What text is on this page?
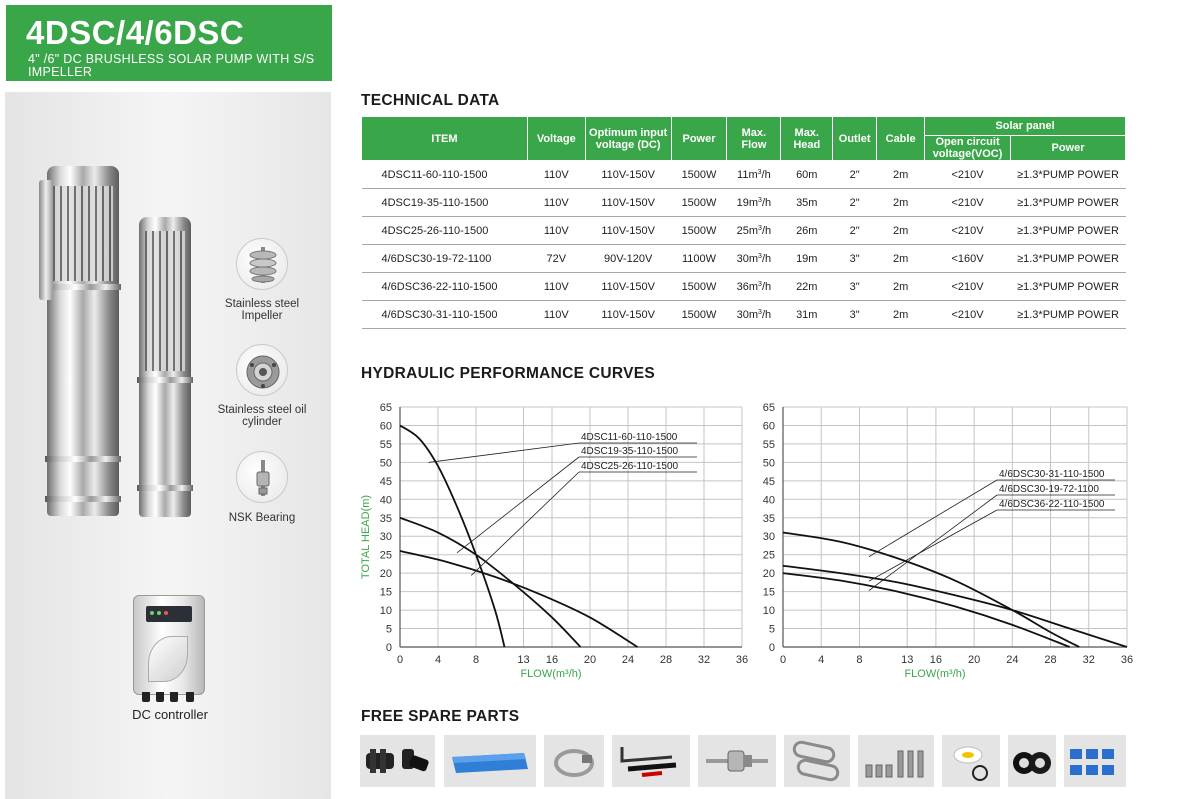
4DSC/4/6DSC
4" /6" DC BRUSHLESS SOLAR PUMP WITH S/S IMPELLER
Stainless steel Impeller
Stainless steel oil cylinder
NSK Bearing
DC controller
TECHNICAL DATA
ITEM	Voltage	Optimum input voltage (DC)	Power	Max. Flow	Max. Head	Outlet	Cable	Solar panel	
								Open circuit voltage(VOC)	Power
4DSC11-60-110-1500	110V	110V-150V	1500W	$11m^3/h$	60m	2"	2m	<210V	≥1.3*PUMP POWER
4DSC19-35-110-1500	110V	110V-150V	1500W	$19m^3/h$	35m	2"	2m	<210V	≥1.3*PUMP POWER
4DSC25-26-110-1500	110V	110V-150V	1500W	$25m^3/h$	26m	2"	2m	<210V	≥1.3*PUMP POWER
4/6DSC30-19-72-1100	72V	90V-120V	1100W	$30m^3/h$	19m	3"	2m	<160V	≥1.3*PUMP POWER
4/6DSC36-22-110-1500	110V	110V-150V	1500W	$36m^3/h$	22m	3"	2m	<210V	≥1.3*PUMP POWER
4/6DSC30-31-110-1500	110V	110V-150V	1500W	$30m^3/h$	31m	3"	2m	<210V	≥1.3*PUMP POWER
HYDRAULIC PERFORMANCE CURVES
0
5
10
15
20
25
30
35
40
45
50
55
60
65
0	4	8	13 16 20 24 28 32 36
FLOW(m³/h)
TOTAL HEAD(m)
4DSC11-60-110-1500
4DSC19-35-110-1500
4DSC25-26-110-1500
0
5
10
15
20
25
30
35
40
45
50
55
60
65
0	4	8	13 16 20 24 28 32 36
FLOW(m³/h)
4/6DSC30-31-110-1500
4/6DSC30-19-72-1100
4/6DSC36-22-110-1500
FREE SPARE PARTS
